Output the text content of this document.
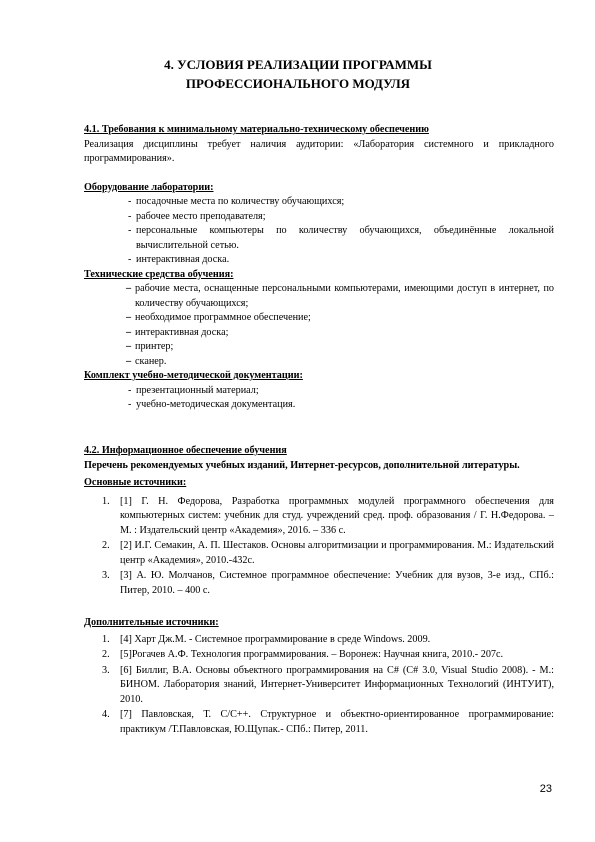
4. УСЛОВИЯ РЕАЛИЗАЦИИ ПРОГРАММЫ
ПРОФЕССИОНАЛЬНОГО МОДУЛЯ
4.1. Требования к минимальному материально-техническому обеспечению
Реализация дисциплины требует наличия аудитории: «Лаборатория системного и прикладного программирования».
Оборудование лаборатории:
- посадочные места по количеству обучающихся;
- рабочее место преподавателя;
- персональные компьютеры по количеству обучающихся, объединённые локальной вычислительной сетью.
- интерактивная доска.
Технические средства обучения:
– рабочие места, оснащенные персональными компьютерами, имеющими доступ в интернет, по количеству обучающихся;
– необходимое программное обеспечение;
– интерактивная доска;
– принтер;
– сканер.
Комплект учебно-методической документации:
- презентационный материал;
- учебно-методическая документация.
4.2. Информационное обеспечение обучения
Перечень рекомендуемых учебных изданий, Интернет-ресурсов, дополнительной литературы.
Основные источники:
1. [1] Г. Н. Федорова, Разработка программных модулей программного обеспечения для компьютерных систем: учебник для студ. учреждений сред. проф. образования / Г. Н.Федорова. – М. : Издательский центр «Академия», 2016. – 336 с.
2. [2] И.Г. Семакин, А. П. Шестаков. Основы алгоритмизации и программирования. М.: Издательский центр «Академия», 2010.-432с.
3. [3] А. Ю. Молчанов, Системное программное обеспечение: Учебник для вузов, 3-е изд., СПб.: Питер, 2010. – 400 с.
Дополнительные источники:
1. [4] Харт Дж.М. - Системное программирование в среде Windows. 2009.
2. [5]Рогачев А.Ф. Технология программирования. – Воронеж: Научная книга, 2010.- 207с.
3. [6] Биллиг, В.А. Основы объектного программирования на С# (C# 3.0, Visual Studio 2008). - М.: БИНОМ. Лаборатория знаний, Интернет-Университет Информационных Технологий (ИНТУИТ), 2010.
4. [7] Павловская, Т. С/С++. Структурное и объектно-ориентированное программирование: практикум /Т.Павловская, Ю.Щупак.- СПб.: Питер, 2011.
23
